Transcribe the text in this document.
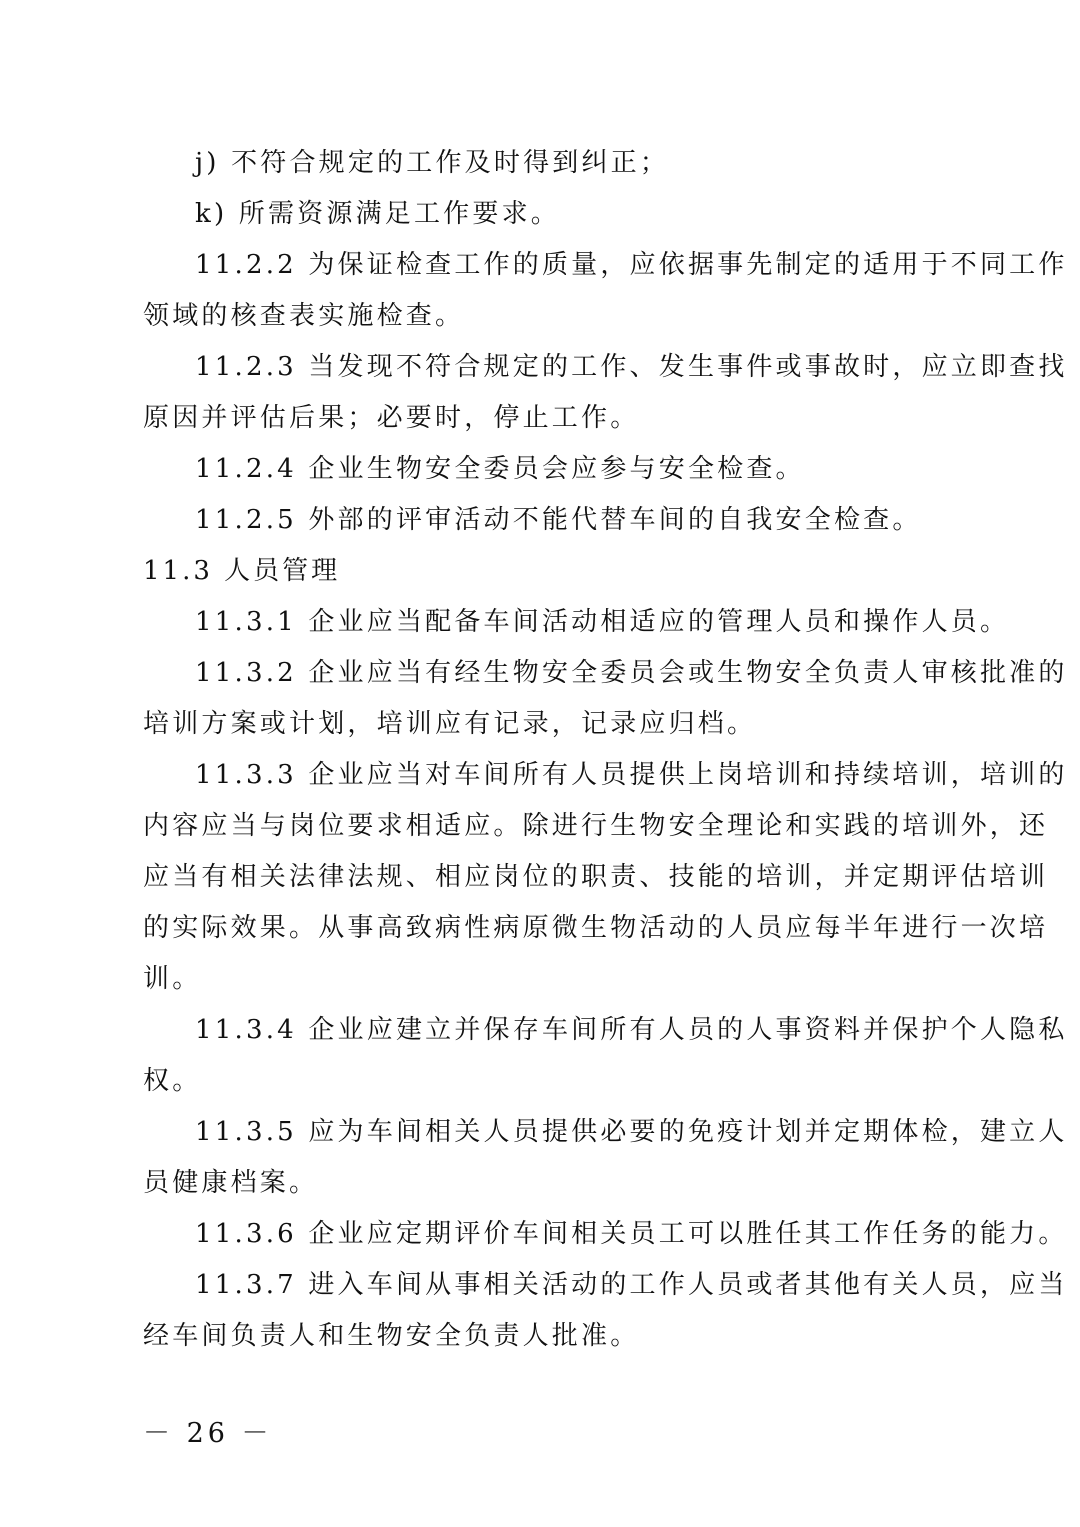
j) 不符合规定的工作及时得到纠正；
k) 所需资源满足工作要求。
11.2.2 为保证检查工作的质量，应依据事先制定的适用于不同工作
领域的核查表实施检查。
11.2.3 当发现不符合规定的工作、发生事件或事故时，应立即查找
原因并评估后果；必要时，停止工作。
11.2.4 企业生物安全委员会应参与安全检查。
11.2.5 外部的评审活动不能代替车间的自我安全检查。
11.3 人员管理
11.3.1 企业应当配备车间活动相适应的管理人员和操作人员。
11.3.2 企业应当有经生物安全委员会或生物安全负责人审核批准的
培训方案或计划，培训应有记录，记录应归档。
11.3.3 企业应当对车间所有人员提供上岗培训和持续培训，培训的
内容应当与岗位要求相适应。除进行生物安全理论和实践的培训外，还
应当有相关法律法规、相应岗位的职责、技能的培训，并定期评估培训
的实际效果。从事高致病性病原微生物活动的人员应每半年进行一次培
训。
11.3.4 企业应建立并保存车间所有人员的人事资料并保护个人隐私
权。
11.3.5 应为车间相关人员提供必要的免疫计划并定期体检，建立人
员健康档案。
11.3.6 企业应定期评价车间相关员工可以胜任其工作任务的能力。
11.3.7 进入车间从事相关活动的工作人员或者其他有关人员，应当
经车间负责人和生物安全负责人批准。
－ 26 －
